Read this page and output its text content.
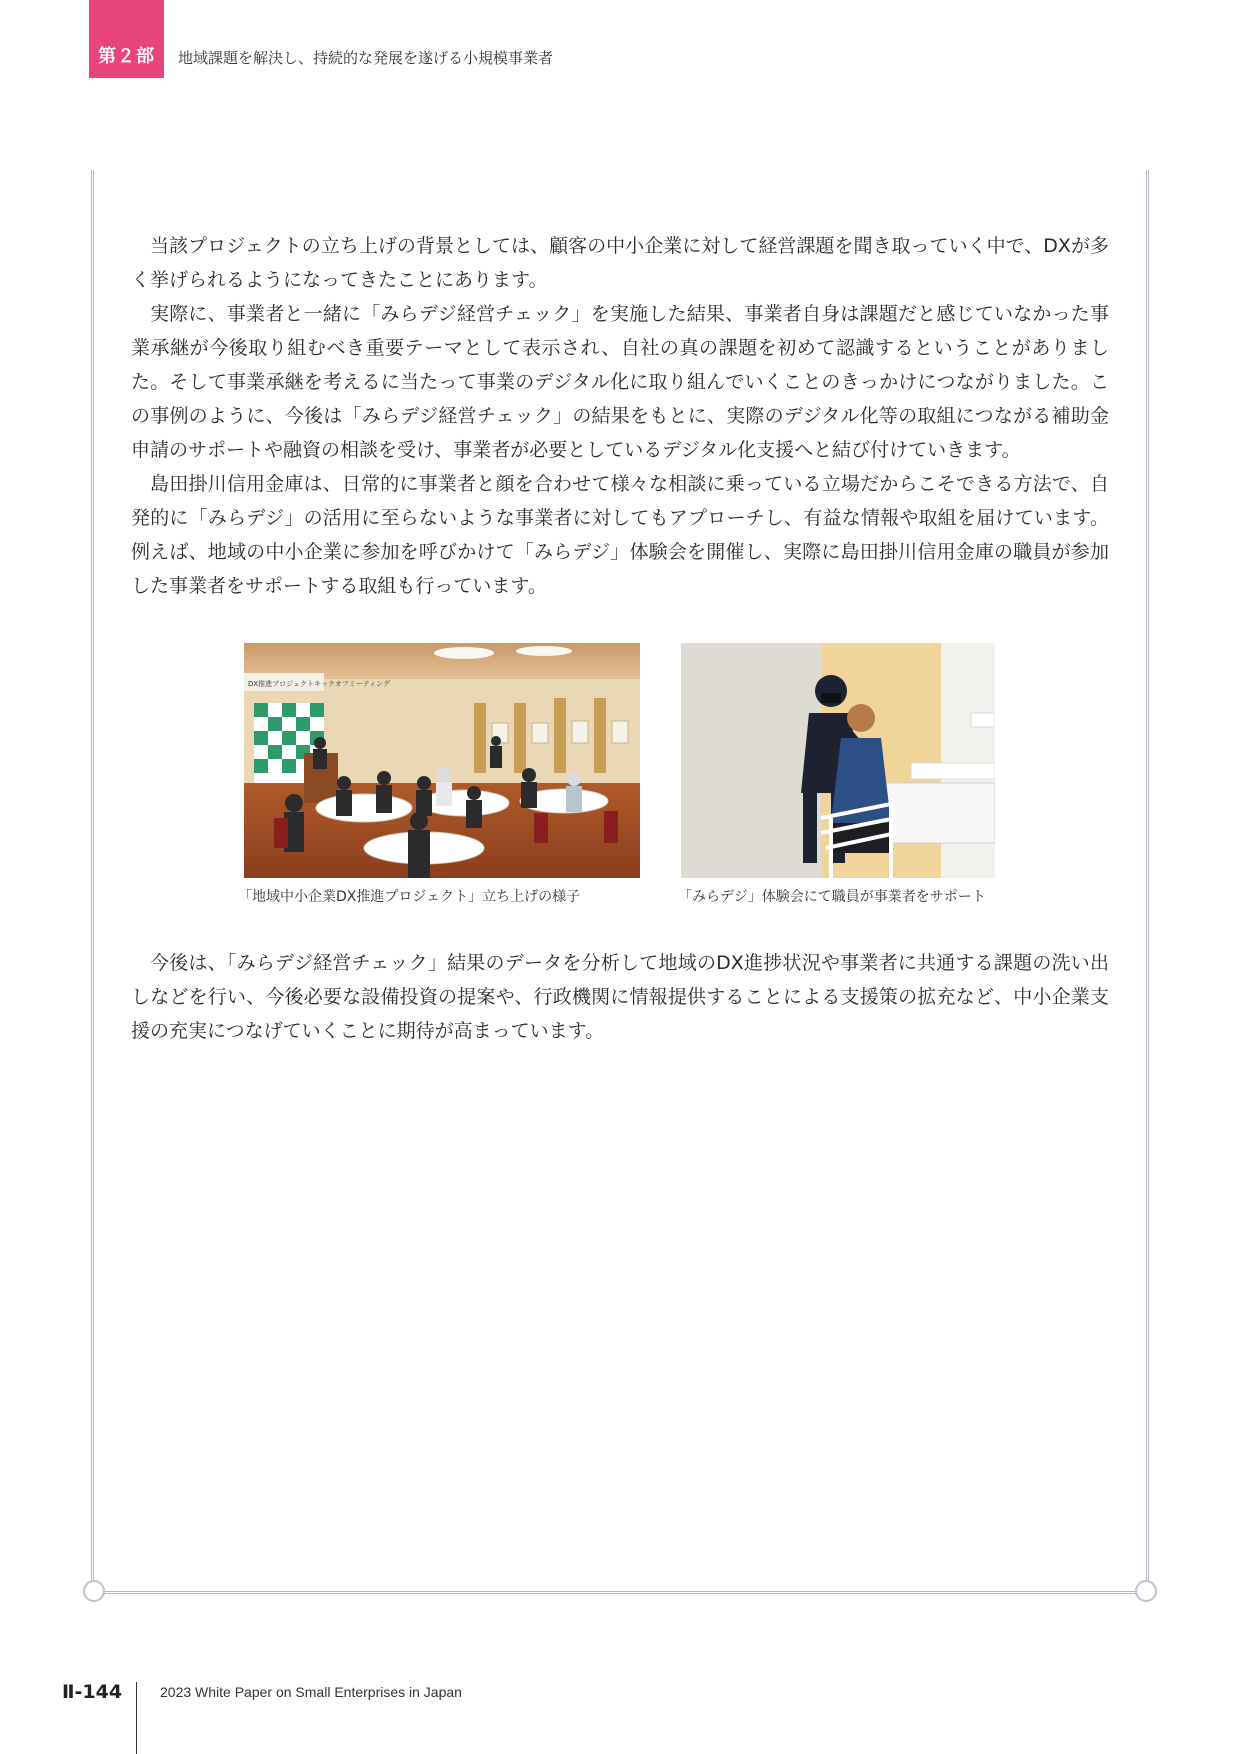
第２部	地域課題を解決し、持続的な発展を遂げる小規模事業者

当該プロジェクトの立ち上げの背景としては、顧客の中小企業に対して経営課題を聞き取っていく中で、DXが多く挙げられるようになってきたことにあります。

実際に、事業者と一緒に「みらデジ経営チェック」を実施した結果、事業者自身は課題だと感じていなかった事業承継が今後取り組むべき重要テーマとして表示され、自社の真の課題を初めて認識するということがありました。そして事業承継を考えるに当たって事業のデジタル化に取り組んでいくことのきっかけにつながりました。この事例のように、今後は「みらデジ経営チェック」の結果をもとに、実際のデジタル化等の取組につながる補助金申請のサポートや融資の相談を受け、事業者が必要としているデジタル化支援へと結び付けていきます。

島田掛川信用金庫は、日常的に事業者と顔を合わせて様々な相談に乗っている立場だからこそできる方法で、自発的に「みらデジ」の活用に至らないような事業者に対してもアプローチし、有益な情報や取組を届けています。例えば、地域の中小企業に参加を呼びかけて「みらデジ」体験会を開催し、実際に島田掛川信用金庫の職員が参加した事業者をサポートする取組も行っています。

DX推進プロジェクトキックオフミーティング
「地域中小企業DX推進プロジェクト」立ち上げの様子	「みらデジ」体験会にて職員が事業者をサポート

今後は、「みらデジ経営チェック」結果のデータを分析して地域のDX進捗状況や事業者に共通する課題の洗い出しなどを行い、今後必要な設備投資の提案や、行政機関に情報提供することによる支援策の拡充など、中小企業支援の充実につなげていくことに期待が高まっています。

Ⅱ-144	2023 White Paper on Small Enterprises in Japan
